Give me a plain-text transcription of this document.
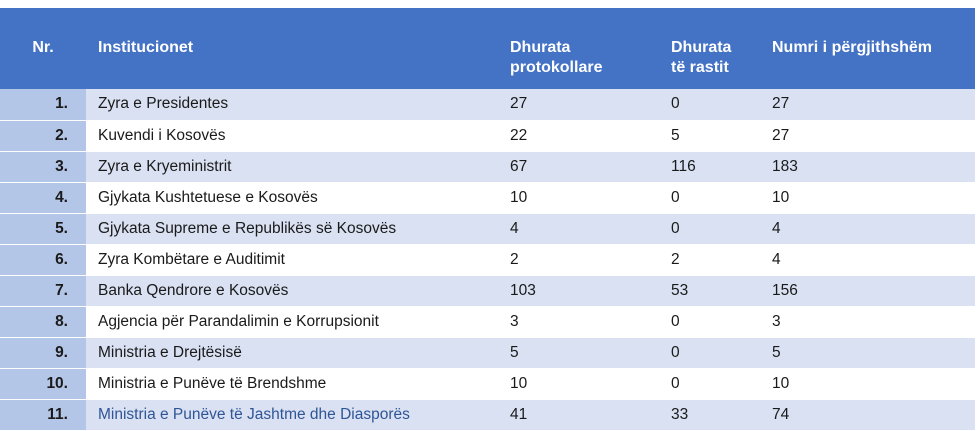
Nr.	Institucionet	Dhurata protokollare	Dhurata të rastit	Numri i përgjithshëm
1.	Zyra e Presidentes	27	0	27
2.	Kuvendi i Kosovës	22	5	27
3.	Zyra e Kryeministrit	67	116	183
4.	Gjykata Kushtetuese e Kosovës	10	0	10
5.	Gjykata Supreme e Republikës së Kosovës	4	0	4
6.	Zyra Kombëtare e Auditimit	2	2	4
7.	Banka Qendrore e Kosovës	103	53	156
8.	Agjencia për Parandalimin e Korrupsionit	3	0	3
9.	Ministria e Drejtësisë	5	0	5
10.	Ministria e Punëve të Brendshme	10	0	10
11.	Ministria e Punëve të Jashtme dhe Diasporës	41	33	74
